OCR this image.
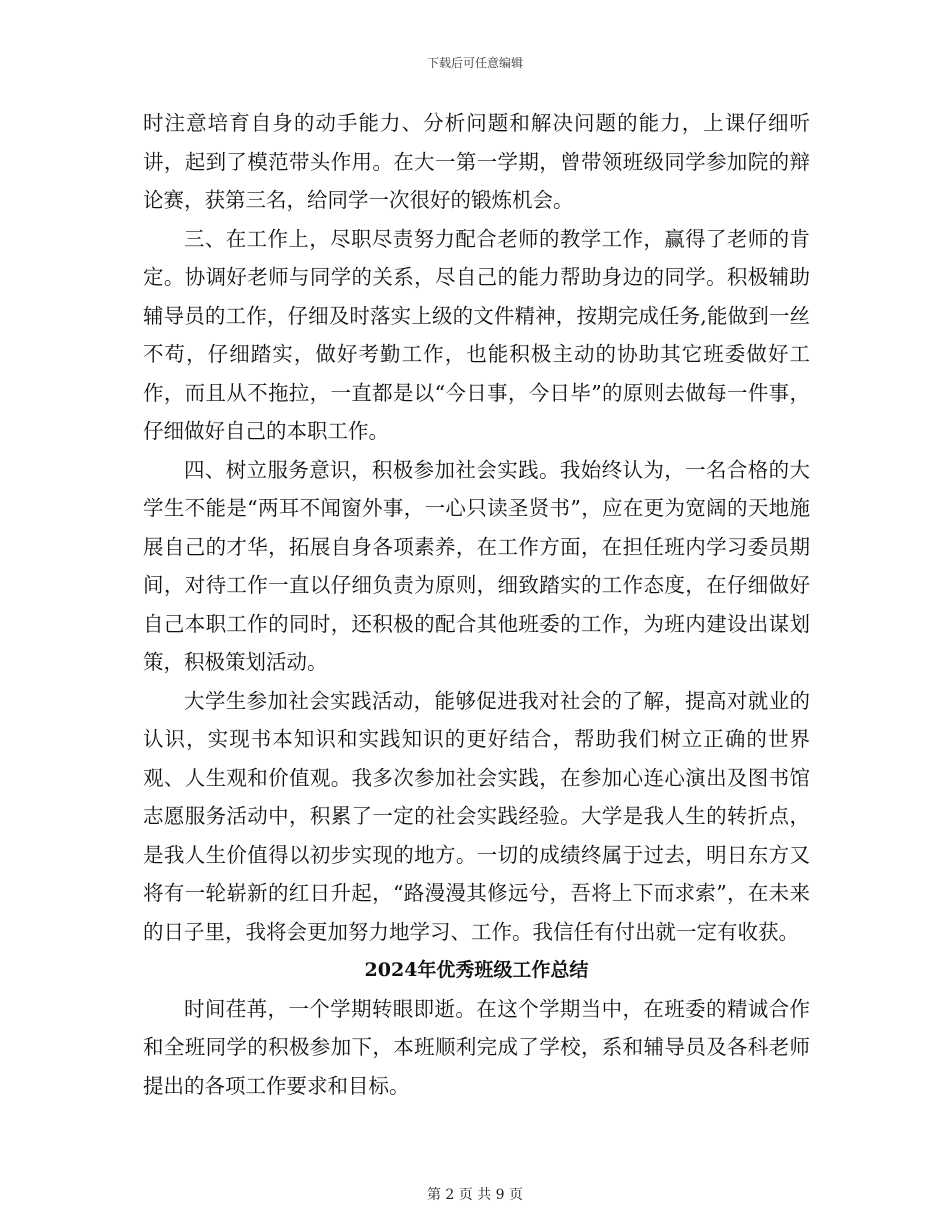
下载后可任意编辑

时注意培育自身的动手能力、分析问题和解决问题的能力，上课仔细听讲，起到了模范带头作用。在大一第一学期，曾带领班级同学参加院的辩论赛，获第三名，给同学一次很好的锻炼机会。

三、在工作上，尽职尽责努力配合老师的教学工作，赢得了老师的肯定。协调好老师与同学的关系，尽自己的能力帮助身边的同学。积极辅助辅导员的工作，仔细及时落实上级的文件精神，按期完成任务,能做到一丝不苟，仔细踏实，做好考勤工作，也能积极主动的协助其它班委做好工作，而且从不拖拉，一直都是以“今日事，今日毕”的原则去做每一件事，仔细做好自己的本职工作。

四、树立服务意识，积极参加社会实践。我始终认为，一名合格的大学生不能是“两耳不闻窗外事，一心只读圣贤书”，应在更为宽阔的天地施展自己的才华，拓展自身各项素养，在工作方面，在担任班内学习委员期间，对待工作一直以仔细负责为原则，细致踏实的工作态度，在仔细做好自己本职工作的同时，还积极的配合其他班委的工作，为班内建设出谋划策，积极策划活动。

大学生参加社会实践活动，能够促进我对社会的了解，提高对就业的认识，实现书本知识和实践知识的更好结合，帮助我们树立正确的世界观、人生观和价值观。我多次参加社会实践，在参加心连心演出及图书馆志愿服务活动中，积累了一定的社会实践经验。大学是我人生的转折点，是我人生价值得以初步实现的地方。一切的成绩终属于过去，明日东方又将有一轮崭新的红日升起，“路漫漫其修远兮，吾将上下而求索”，在未来的日子里，我将会更加努力地学习、工作。我信任有付出就一定有收获。

2024年优秀班级工作总结

时间荏苒，一个学期转眼即逝。在这个学期当中，在班委的精诚合作和全班同学的积极参加下，本班顺利完成了学校，系和辅导员及各科老师提出的各项工作要求和目标。

第 2 页 共 9 页
